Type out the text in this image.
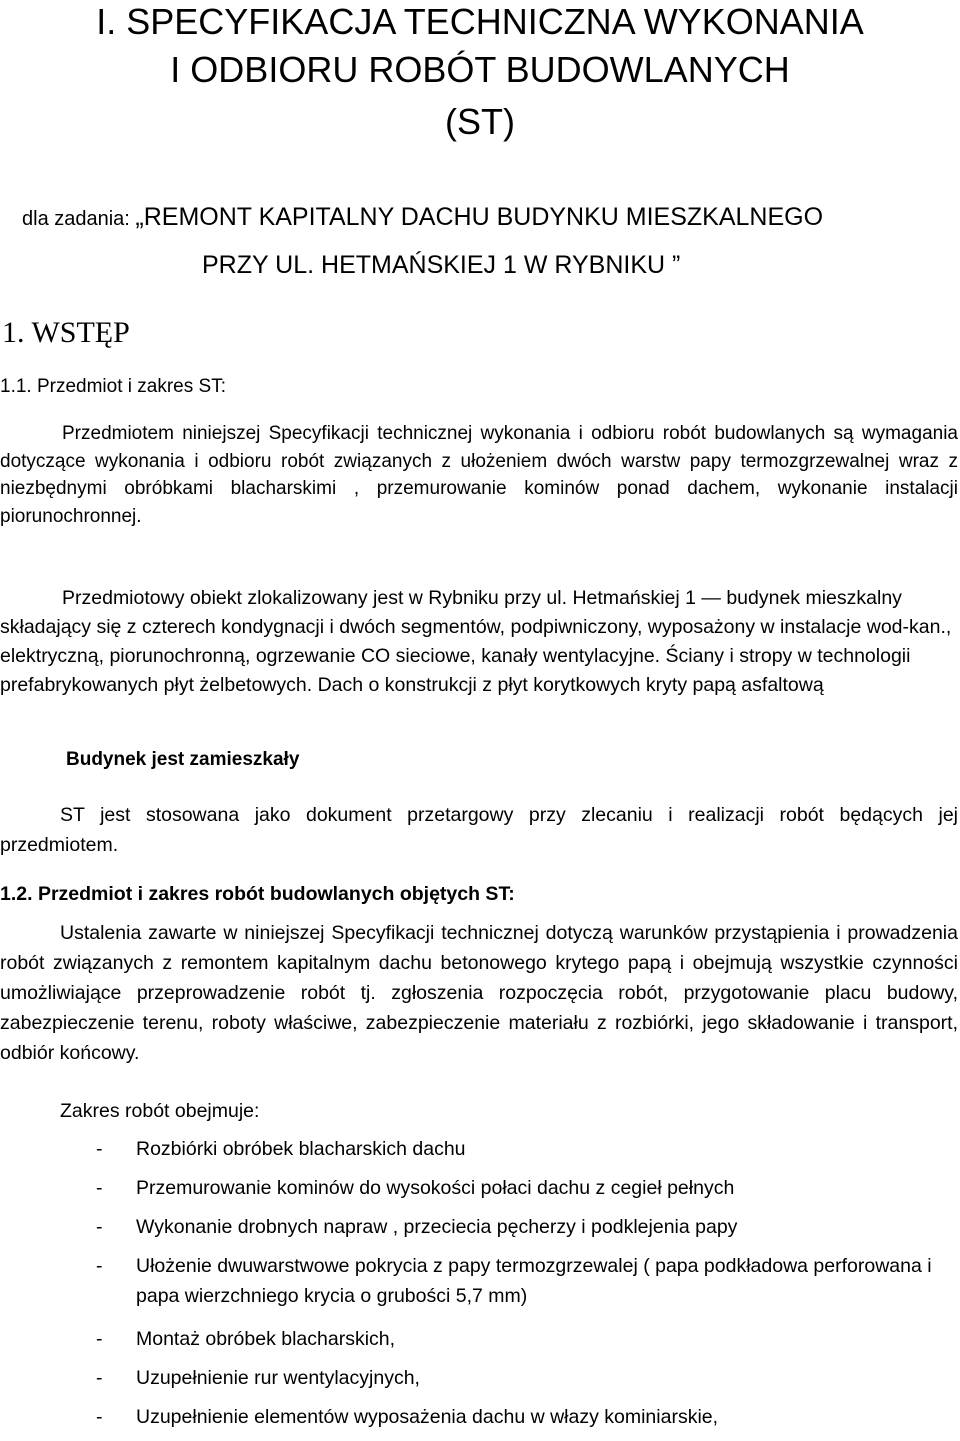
I. SPECYFIKACJA TECHNICZNA WYKONANIA
I ODBIORU ROBÓT BUDOWLANYCH
(ST)
dla zadania: „REMONT KAPITALNY DACHU BUDYNKU MIESZKALNEGO
PRZY UL. HETMAŃSKIEJ 1 W RYBNIKU ”
1. WSTĘP
1.1. Przedmiot i zakres ST:
Przedmiotem niniejszej Specyfikacji technicznej wykonania i odbioru robót budowlanych są wymagania dotyczące wykonania i odbioru robót związanych z ułożeniem dwóch warstw papy termozgrzewalnej wraz z niezbędnymi obróbkami blacharskimi , przemurowanie kominów ponad dachem, wykonanie instalacji piorunochronnej.
Przedmiotowy obiekt zlokalizowany jest w Rybniku przy ul. Hetmańskiej 1 — budynek mieszkalny składający się z czterech kondygnacji i dwóch segmentów, podpiwniczony, wyposażony w instalacje wod-kan., elektryczną, piorunochronną, ogrzewanie CO sieciowe, kanały wentylacyjne. Ściany i stropy w technologii prefabrykowanych płyt żelbetowych. Dach o konstrukcji z płyt korytkowych kryty papą asfaltową
Budynek jest zamieszkały
ST jest stosowana jako dokument przetargowy przy zlecaniu i realizacji robót będących jej przedmiotem.
1.2. Przedmiot i zakres robót budowlanych objętych ST:
Ustalenia zawarte w niniejszej Specyfikacji technicznej dotyczą warunków przystąpienia i prowadzenia robót związanych z remontem kapitalnym dachu betonowego krytego papą i obejmują wszystkie czynności umożliwiające przeprowadzenie robót tj. zgłoszenia rozpoczęcia robót, przygotowanie placu budowy, zabezpieczenie terenu, roboty właściwe, zabezpieczenie materiału z rozbiórki, jego składowanie i transport, odbiór końcowy.
Zakres robót obejmuje:
- Rozbiórki obróbek blacharskich dachu
- Przemurowanie kominów do wysokości połaci dachu z cegieł pełnych
- Wykonanie drobnych napraw , przeciecia pęcherzy i podklejenia papy
- Ułożenie dwuwarstwowe pokrycia z papy termozgrzewalej ( papa podkładowa perforowana i papa wierzchniego krycia o grubości 5,7 mm)
- Montaż obróbek blacharskich,
- Uzupełnienie rur wentylacyjnych,
- Uzupełnienie elementów wyposażenia dachu w włazy kominiarskie,
